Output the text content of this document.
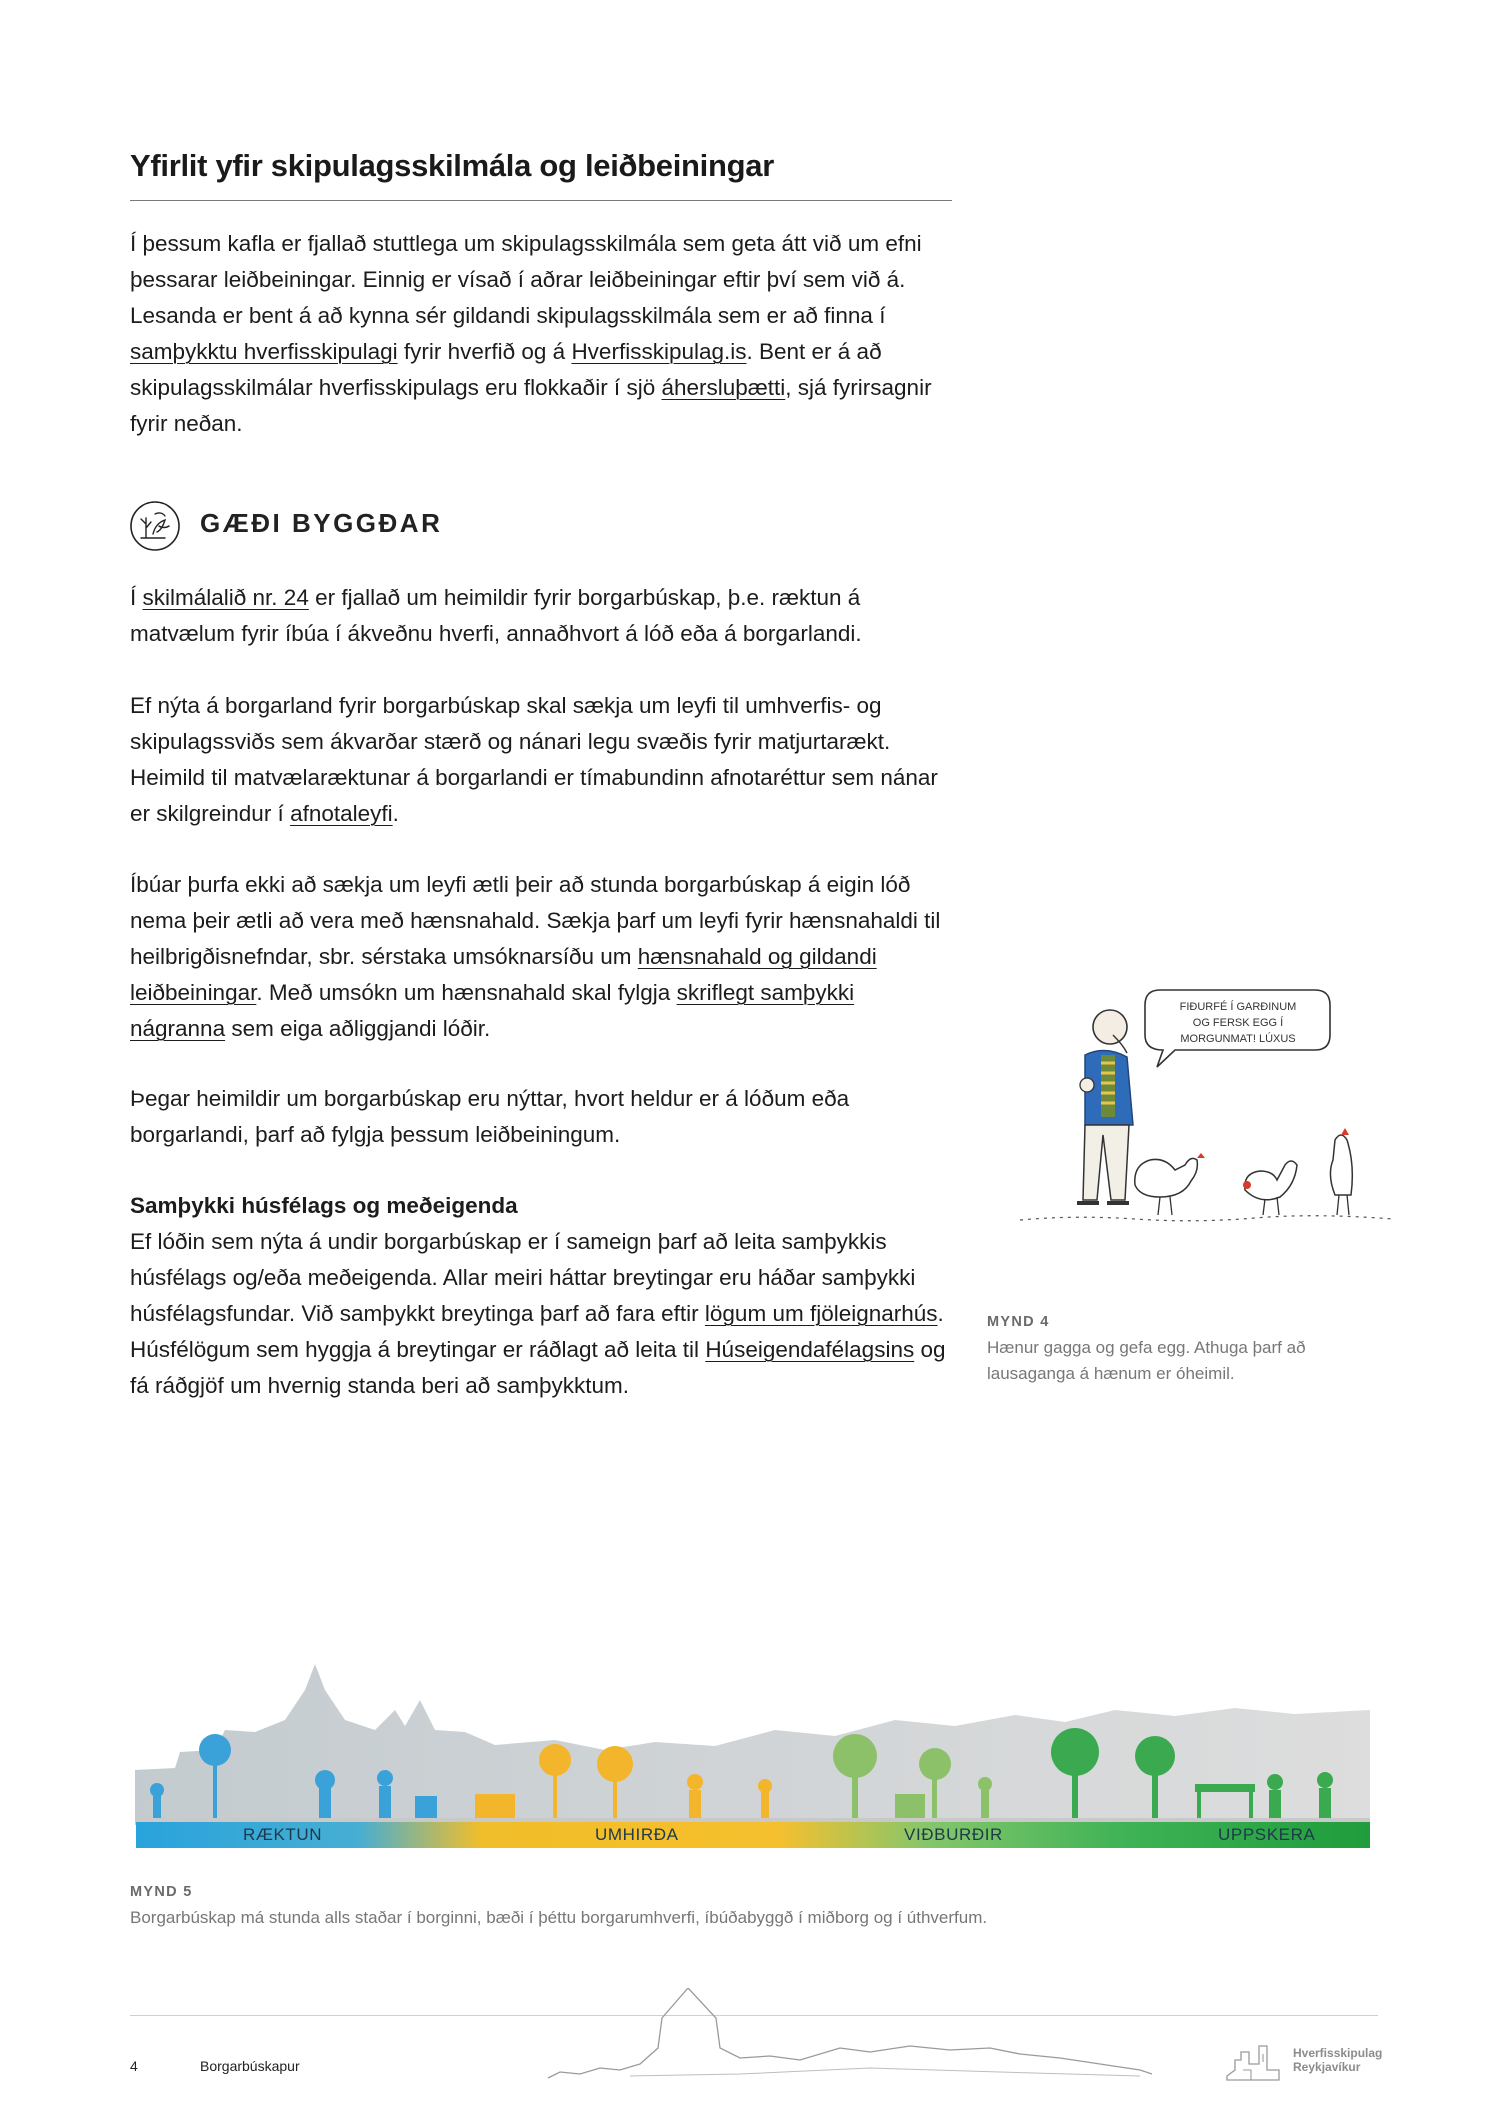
Yfirlit yfir skipulagsskilmála og leiðbeiningar

Í þessum kafla er fjallað stuttlega um skipulagsskilmála sem geta átt við um efni þessarar leiðbeiningar. Einnig er vísað í aðrar leiðbeiningar eftir því sem við á. Lesanda er bent á að kynna sér gildandi skipulagsskilmála sem er að finna í samþykktu hverfisskipulagi fyrir hverfið og á Hverfisskipulag.is. Bent er á að skipulagsskilmálar hverfisskipulags eru flokkaðir í sjö áhersluþætti, sjá fyrirsagnir fyrir neðan.

GÆÐI BYGGÐAR

Í skilmálalið nr. 24 er fjallað um heimildir fyrir borgarbúskap, þ.e. ræktun á matvælum fyrir íbúa í ákveðnu hverfi, annaðhvort á lóð eða á borgarlandi.

Ef nýta á borgarland fyrir borgarbúskap skal sækja um leyfi til umhverfis- og skipulagssviðs sem ákvarðar stærð og nánari legu svæðis fyrir matjurtarækt. Heimild til matvælaræktunar á borgarlandi er tímabundinn afnotaréttur sem nánar er skilgreindur í afnotaleyfi.

Íbúar þurfa ekki að sækja um leyfi ætli þeir að stunda borgarbúskap á eigin lóð nema þeir ætli að vera með hænsnahald. Sækja þarf um leyfi fyrir hænsnahaldi til heilbrigðisnefndar, sbr. sérstaka umsóknarsíðu um hænsnahald og gildandi leiðbeiningar. Með umsókn um hænsnahald skal fylgja skriflegt samþykki nágranna sem eiga aðliggjandi lóðir.

Þegar heimildir um borgarbúskap eru nýttar, hvort heldur er á lóðum eða borgarlandi, þarf að fylgja þessum leiðbeiningum.

Samþykki húsfélags og meðeigenda
Ef lóðin sem nýta á undir borgarbúskap er í sameign þarf að leita samþykkis húsfélags og/eða meðeigenda. Allar meiri háttar breytingar eru háðar samþykki húsfélagsfundar. Við samþykkt breytinga þarf að fara eftir lögum um fjöleignarhús. Húsfélögum sem hyggja á breytingar er ráðlagt að leita til Húseigendafélagsins og fá ráðgjöf um hvernig standa beri að samþykktum.

FIÐURFÉ Í GARÐINUM
OG FERSK EGG Í
MORGUNMAT! LÚXUS

MYND 4

Hænur gagga og gefa egg. Athuga þarf að lausaganga á hænum er óheimil.

RÆKTUN	UMHIRÐA	VIÐBURÐIR	UPPSKERA

MYND 5

Borgarbúskap má stunda alls staðar í borginni, bæði í þéttu borgarumhverfi, íbúðabyggð í miðborg og í úthverfum.

4	Borgarbúskapur
Hverfisskipulag
Reykjavíkur
